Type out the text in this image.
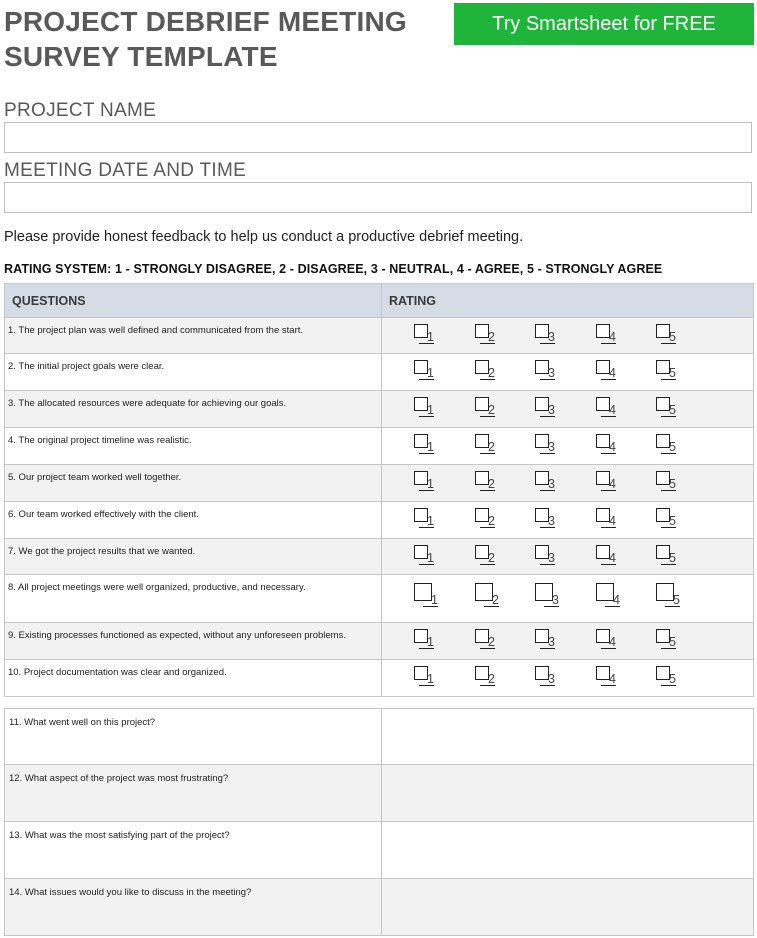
PROJECT DEBRIEF MEETING
SURVEY TEMPLATE
Try Smartsheet for FREE
PROJECT NAME
MEETING DATE AND TIME
Please provide honest feedback to help us conduct a productive debrief meeting.
RATING SYSTEM: 1 - STRONGLY DISAGREE, 2 - DISAGREE, 3 - NEUTRAL, 4 - AGREE, 5 - STRONGLY AGREE
QUESTIONS	RATING

1. The project plan was well defined and communicated from the start.	1 2 3 4 5

2. The initial project goals were clear.	1 2 3 4 5

3. The allocated resources were adequate for achieving our goals.	1 2 3 4 5

4. The original project timeline was realistic.	1 2 3 4 5

5. Our project team worked well together.	1 2 3 4 5

6. Our team worked effectively with the client.	1 2 3 4 5

7. We got the project results that we wanted.	1 2 3 4 5

8. All project meetings were well organized, productive, and necessary.	1 2 3 4 5

9. Existing processes functioned as expected, without any unforeseen problems.	1 2 3 4 5

10. Project documentation was clear and organized.	1 2 3 4 5
11. What went well on this project?	

12. What aspect of the project was most frustrating?	

13. What was the most satisfying part of the project?	

14. What issues would you like to discuss in the meeting?	
